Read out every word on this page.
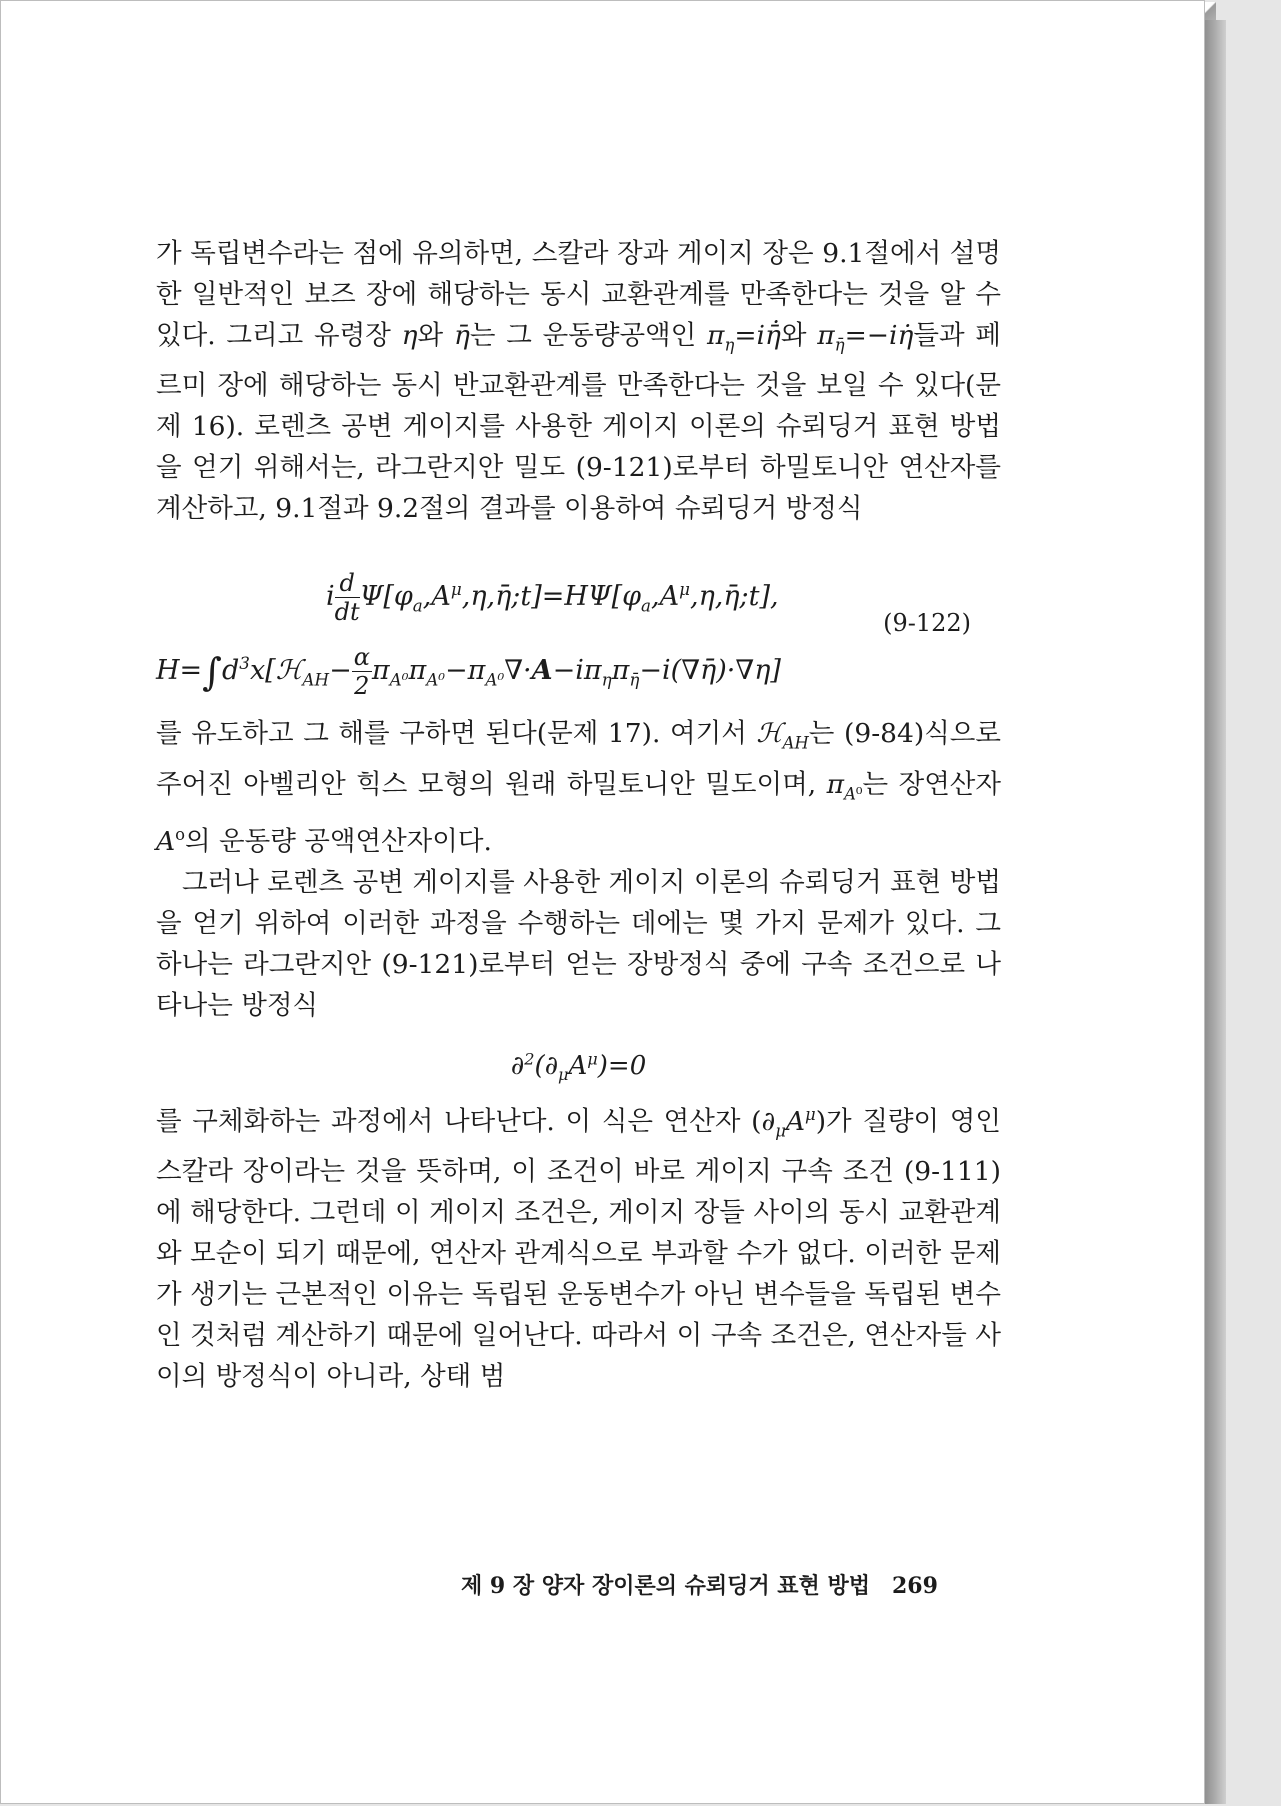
가 독립변수라는 점에 유의하면, 스칼라 장과 게이지 장은 9.1절에서 설명한 일반적인 보즈 장에 해당하는 동시 교환관계를 만족한다는 것을 알 수 있다. 그리고 유령장 η와 η̄는 그 운동량공액인 $\pi_\eta=i\etā̇$와 $\pi_{\etā}=-i\etȧ$들과 페르미 장에 해당하는 동시 반교환관계를 만족한다는 것을 보일 수 있다(문제 16). 로렌츠 공변 게이지를 사용한 게이지 이론의 슈뢰딩거 표현 방법을 얻기 위해서는, 라그란지안 밀도 (9-121)로부터 하밀토니안 연산자를 계산하고, 9.1절과 9.2절의 결과를 이용하여 슈뢰딩거 방정식

i $\frac{d}{dt}$ $\Psi[\varphi_a,A^\mu,\eta,\etā;t]=H\Psi[\varphi_a,A^\mu,\eta,\etā;t]$,
(9-122)
$H=\int d^3x[ℋ_{AH}- \frac{\alpha}{2}$ $\pi_{A^0}\pi_{A^0}-\pi_{A^0}\nabla\cdot A-i\pi_\eta\pi_{\etā}-i(\nabla\etā)\cdot\nabla\eta$]

를 유도하고 그 해를 구하면 된다(문제 17). 여기서 ℋ$_{AH}$는 (9-84)식으로 주어진 아벨리안 힉스 모형의 원래 하밀토니안 밀도이며, $\pi_{A^0}$는 장연산자 $A^o$의 운동량 공액연산자이다.

그러나 로렌츠 공변 게이지를 사용한 게이지 이론의 슈뢰딩거 표현 방법을 얻기 위하여 이러한 과정을 수행하는 데에는 몇 가지 문제가 있다. 그 하나는 라그란지안 (9-121)로부터 얻는 장방정식 중에 구속 조건으로 나타나는 방정식

$\partial^2(\partial_\mu A^\mu)=0$

를 구체화하는 과정에서 나타난다. 이 식은 연산자 $(\partial_\mu A^\mu)$가 질량이 영인 스칼라 장이라는 것을 뜻하며, 이 조건이 바로 게이지 구속 조건 (9-111)에 해당한다. 그런데 이 게이지 조건은, 게이지 장들 사이의 동시 교환관계와 모순이 되기 때문에, 연산자 관계식으로 부과할 수가 없다. 이러한 문제가 생기는 근본적인 이유는 독립된 운동변수가 아닌 변수들을 독립된 변수인 것처럼 계산하기 때문에 일어난다. 따라서 이 구속 조건은, 연산자들 사이의 방정식이 아니라, 상태 범

제 9 장 양자 장이론의 슈뢰딩거 표현 방법 269
